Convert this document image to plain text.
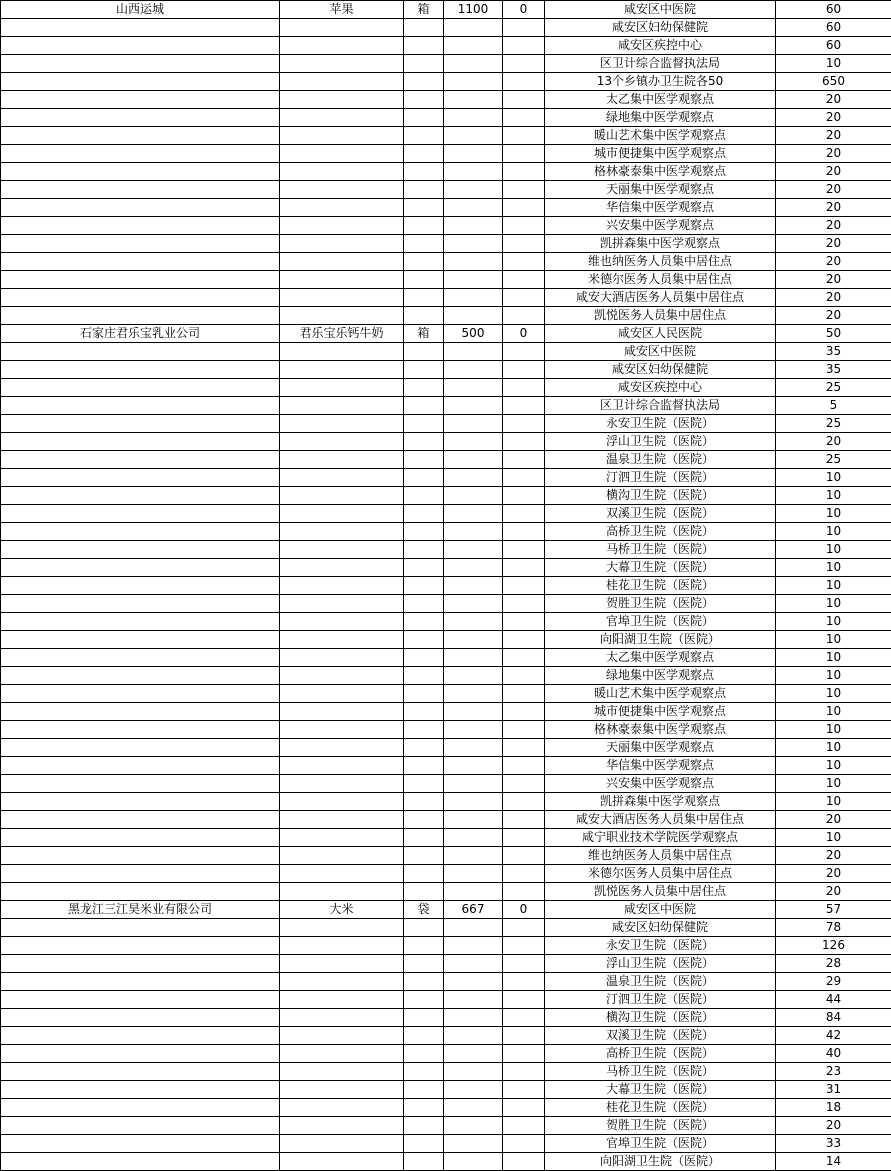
山西运城	苹果	箱	1100	0	咸安区中医院	60
					咸安区妇幼保健院	60
					咸安区疾控中心	60
					区卫计综合监督执法局	10
					13个乡镇办卫生院各50	650
					太乙集中医学观察点	20
					绿地集中医学观察点	20
					暖山艺术集中医学观察点	20
					城市便捷集中医学观察点	20
					格林豪泰集中医学观察点	20
					天丽集中医学观察点	20
					华信集中医学观察点	20
					兴安集中医学观察点	20
					凯拼森集中医学观察点	20
					维也纳医务人员集中居住点	20
					米德尔医务人员集中居住点	20
					咸安大酒店医务人员集中居住点	20
					凯悦医务人员集中居住点	20
石家庄君乐宝乳业公司	君乐宝乐钙牛奶	箱	500	0	咸安区人民医院	50
					咸安区中医院	35
					咸安区妇幼保健院	35
					咸安区疾控中心	25
					区卫计综合监督执法局	5
					永安卫生院（医院）	25
					浮山卫生院（医院）	20
					温泉卫生院（医院）	25
					汀泗卫生院（医院）	10
					横沟卫生院（医院）	10
					双溪卫生院（医院）	10
					高桥卫生院（医院）	10
					马桥卫生院（医院）	10
					大幕卫生院（医院）	10
					桂花卫生院（医院）	10
					贺胜卫生院（医院）	10
					官埠卫生院（医院）	10
					向阳湖卫生院（医院）	10
					太乙集中医学观察点	10
					绿地集中医学观察点	10
					暖山艺术集中医学观察点	10
					城市便捷集中医学观察点	10
					格林豪泰集中医学观察点	10
					天丽集中医学观察点	10
					华信集中医学观察点	10
					兴安集中医学观察点	10
					凯拼森集中医学观察点	10
					咸安大酒店医务人员集中居住点	20
					咸宁职业技术学院医学观察点	10
					维也纳医务人员集中居住点	20
					米德尔医务人员集中居住点	20
					凯悦医务人员集中居住点	20
黑龙江三江昊米业有限公司	大米	袋	667	0	咸安区中医院	57
					咸安区妇幼保健院	78
					永安卫生院（医院）	126
					浮山卫生院（医院）	28
					温泉卫生院（医院）	29
					汀泗卫生院（医院）	44
					横沟卫生院（医院）	84
					双溪卫生院（医院）	42
					高桥卫生院（医院）	40
					马桥卫生院（医院）	23
					大幕卫生院（医院）	31
					桂花卫生院（医院）	18
					贺胜卫生院（医院）	20
					官埠卫生院（医院）	33
					向阳湖卫生院（医院）	14
